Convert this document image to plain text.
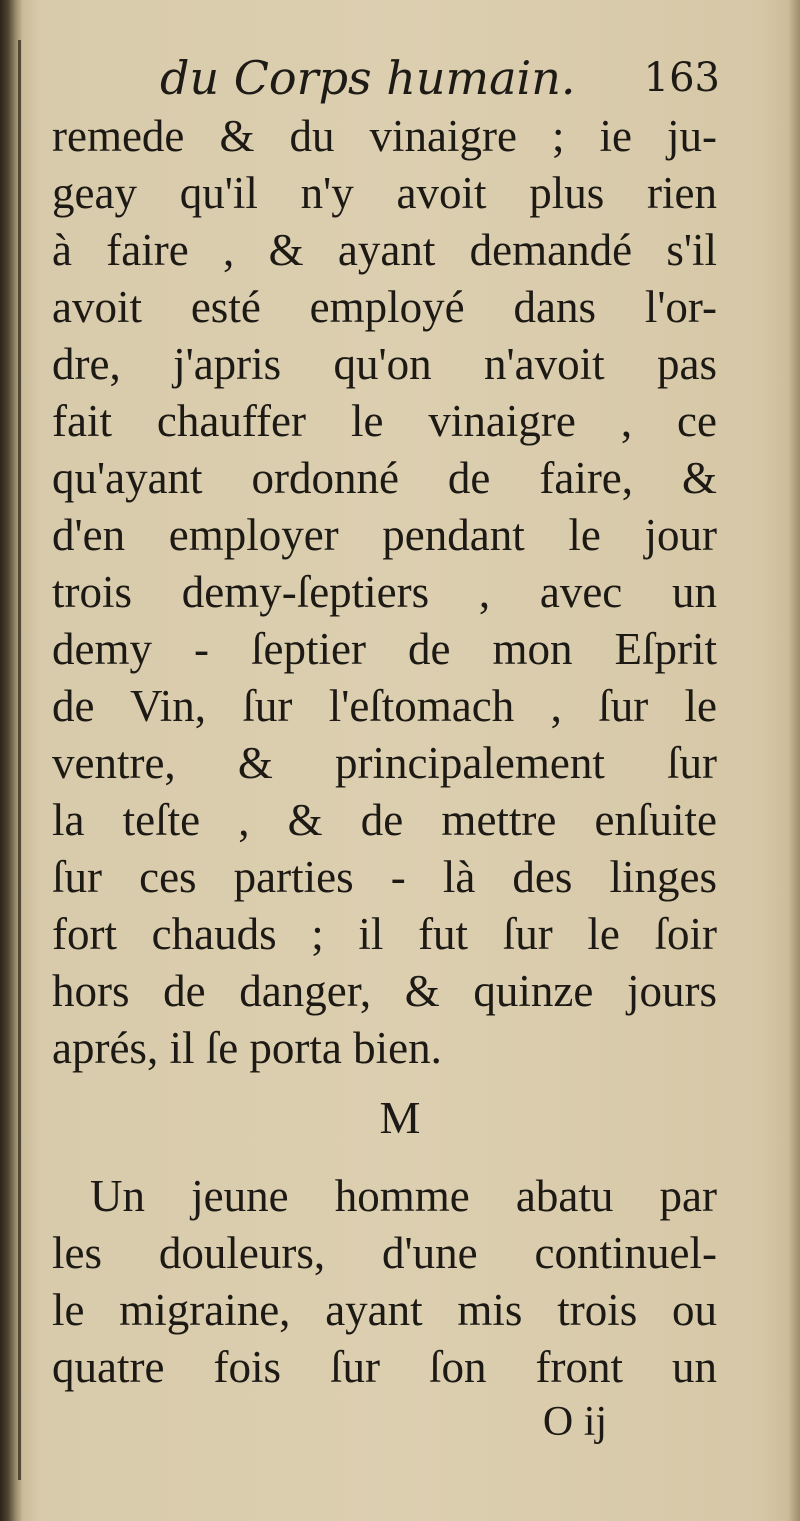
du Corps humain. 163
remede & du vinaigre ; ie ju-
geay qu'il n'y avoit plus rien
à faire , & ayant demandé s'il
avoit esté employé dans l'or-
dre, j'apris qu'on n'avoit pas
fait chauffer le vinaigre , ce
qu'ayant ordonné de faire, &
d'en employer pendant le jour
trois demy-ſeptiers , avec un
demy - ſeptier de mon Eſprit
de Vin, ſur l'eſtomach , ſur le
ventre, & principalement ſur
la teſte , & de mettre enſuite
ſur ces parties - là des linges
fort chauds ; il fut ſur le ſoir
hors de danger, & quinze jours
aprés, il ſe porta bien.
M
Un jeune homme abatu par
les douleurs, d'une continuel-
le migraine, ayant mis trois ou
quatre fois ſur ſon front un
O ij
